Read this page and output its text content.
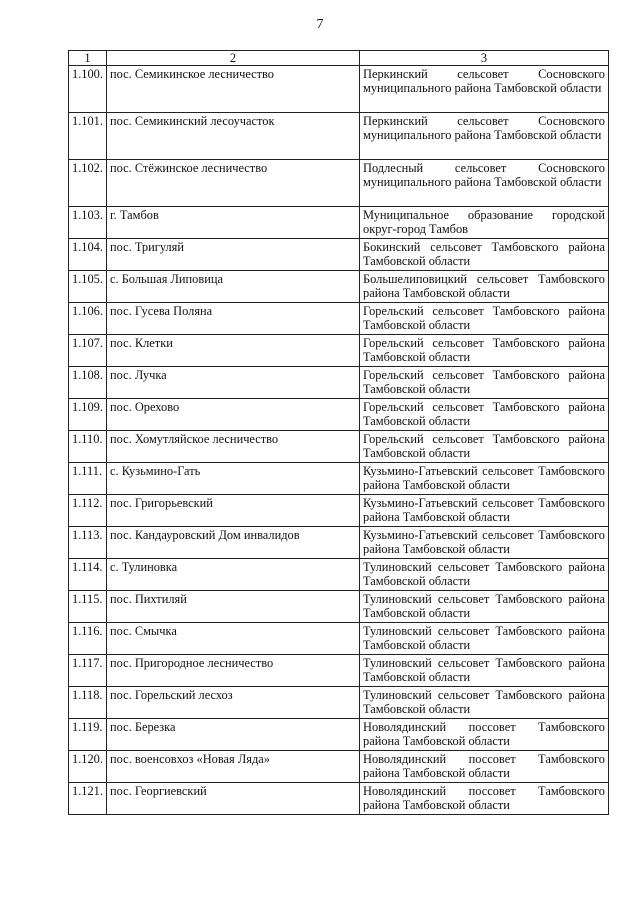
7
1	2	3
1.100.	пос. Семикинское лесничество	Перкинский сельсовет Сосновского муниципального района Тамбовской области
1.101.	пос. Семикинский лесоучасток	Перкинский сельсовет Сосновского муниципального района Тамбовской области
1.102.	пос. Стёжинское лесничество	Подлесный сельсовет Сосновского муниципального района Тамбовской области
1.103.	г. Тамбов	Муниципальное образование городской округ-город Тамбов
1.104.	пос. Тригуляй	Бокинский сельсовет Тамбовского района Тамбовской области
1.105.	с. Большая Липовица	Большелиповицкий сельсовет Тамбовского района Тамбовской области
1.106.	пос. Гусева Поляна	Горельский сельсовет Тамбовского района Тамбовской области
1.107.	пос. Клетки	Горельский сельсовет Тамбовского района Тамбовской области
1.108.	пос. Лучка	Горельский сельсовет Тамбовского района Тамбовской области
1.109.	пос. Орехово	Горельский сельсовет Тамбовского района Тамбовской области
1.110.	пос. Хомутляйское лесничество	Горельский сельсовет Тамбовского района Тамбовской области
1.111.	с. Кузьмино-Гать	Кузьмино-Гатьевский сельсовет Тамбовского района Тамбовской области
1.112.	пос. Григорьевский	Кузьмино-Гатьевский сельсовет Тамбовского района Тамбовской области
1.113.	пос. Кандауровский Дом инвалидов	Кузьмино-Гатьевский сельсовет Тамбовского района Тамбовской области
1.114.	с. Тулиновка	Тулиновский сельсовет Тамбовского района Тамбовской области
1.115.	пос. Пихтиляй	Тулиновский сельсовет Тамбовского района Тамбовской области
1.116.	пос. Смычка	Тулиновский сельсовет Тамбовского района Тамбовской области
1.117.	пос. Пригородное лесничество	Тулиновский сельсовет Тамбовского района Тамбовской области
1.118.	пос. Горельский лесхоз	Тулиновский сельсовет Тамбовского района Тамбовской области
1.119.	пос. Березка	Новолядинский поссовет Тамбовского района Тамбовской области
1.120.	пос. военсовхоз «Новая Ляда»	Новолядинский поссовет Тамбовского района Тамбовской области
1.121.	пос. Георгиевский	Новолядинский поссовет Тамбовского района Тамбовской области
